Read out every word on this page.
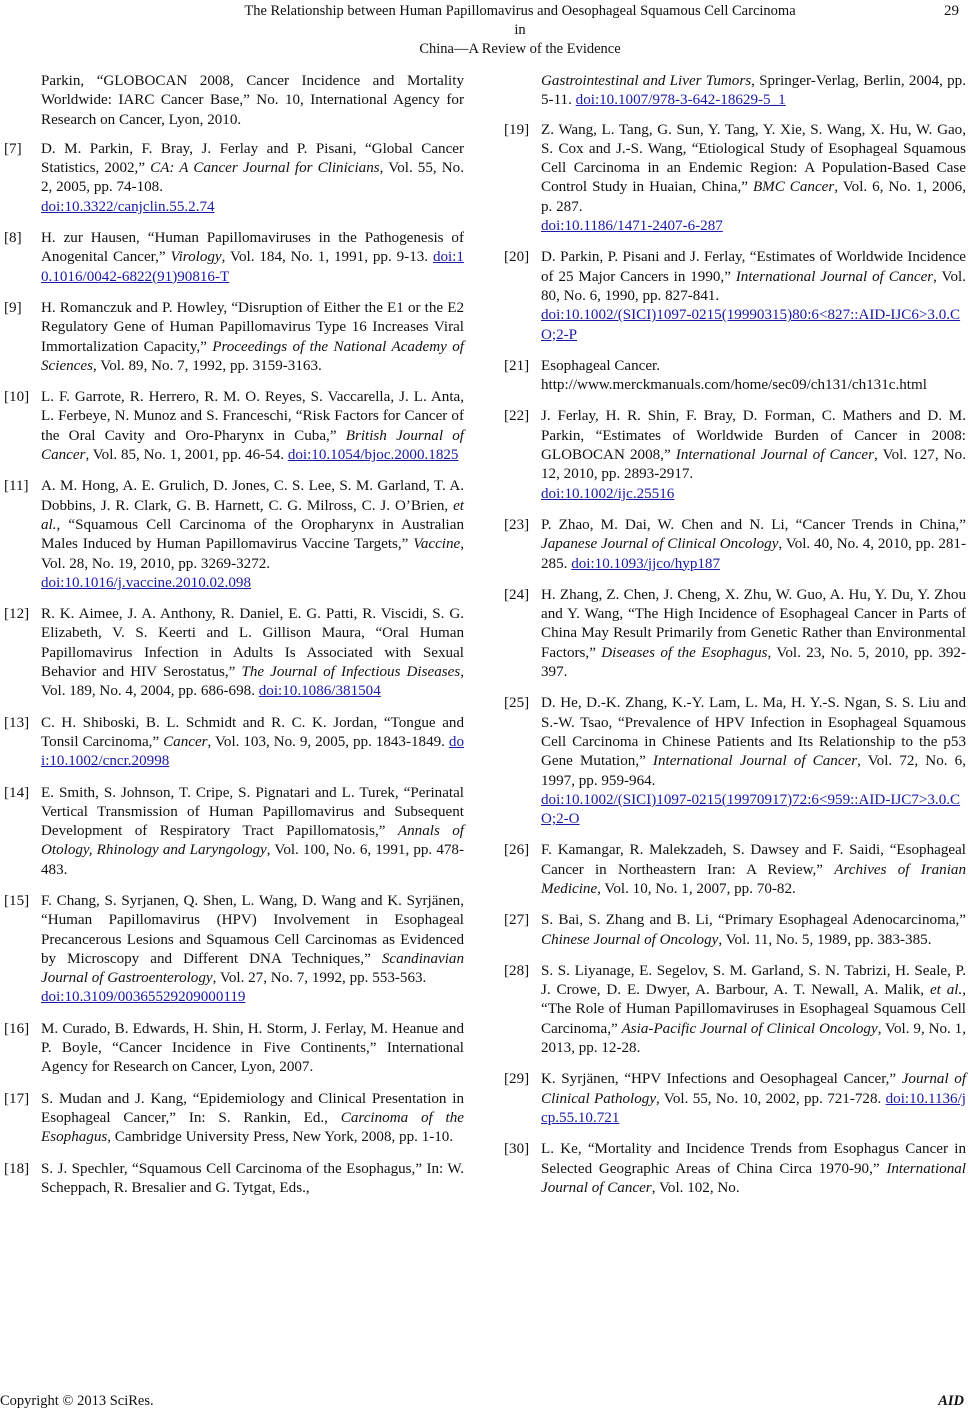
The Relationship between Human Papillomavirus and Oesophageal Squamous Cell Carcinoma in
China—A Review of the Evidence
29
Parkin, “GLOBOCAN 2008, Cancer Incidence and Mortality Worldwide: IARC Cancer Base,” No. 10, International Agency for Research on Cancer, Lyon, 2010.
[7] D. M. Parkin, F. Bray, J. Ferlay and P. Pisani, “Global Cancer Statistics, 2002,” CA: A Cancer Journal for Clinicians, Vol. 55, No. 2, 2005, pp. 74-108.
doi:10.3322/canjclin.55.2.74
[8] H. zur Hausen, “Human Papillomaviruses in the Pathogenesis of Anogenital Cancer,” Virology, Vol. 184, No. 1, 1991, pp. 9-13. doi:10.1016/0042-6822(91)90816-T
[9] H. Romanczuk and P. Howley, “Disruption of Either the E1 or the E2 Regulatory Gene of Human Papillomavirus Type 16 Increases Viral Immortalization Capacity,” Proceedings of the National Academy of Sciences, Vol. 89, No. 7, 1992, pp. 3159-3163.
[10] L. F. Garrote, R. Herrero, R. M. O. Reyes, S. Vaccarella, J. L. Anta, L. Ferbeye, N. Munoz and S. Franceschi, “Risk Factors for Cancer of the Oral Cavity and Oro-Pharynx in Cuba,” British Journal of Cancer, Vol. 85, No. 1, 2001, pp. 46-54. doi:10.1054/bjoc.2000.1825
[11] A. M. Hong, A. E. Grulich, D. Jones, C. S. Lee, S. M. Garland, T. A. Dobbins, J. R. Clark, G. B. Harnett, C. G. Milross, C. J. O’Brien, et al., “Squamous Cell Carcinoma of the Oropharynx in Australian Males Induced by Human Papillomavirus Vaccine Targets,” Vaccine, Vol. 28, No. 19, 2010, pp. 3269-3272.
doi:10.1016/j.vaccine.2010.02.098
[12] R. K. Aimee, J. A. Anthony, R. Daniel, E. G. Patti, R. Viscidi, S. G. Elizabeth, V. S. Keerti and L. Gillison Maura, “Oral Human Papillomavirus Infection in Adults Is Associated with Sexual Behavior and HIV Serostatus,” The Journal of Infectious Diseases, Vol. 189, No. 4, 2004, pp. 686-698. doi:10.1086/381504
[13] C. H. Shiboski, B. L. Schmidt and R. C. K. Jordan, “Tongue and Tonsil Carcinoma,” Cancer, Vol. 103, No. 9, 2005, pp. 1843-1849. doi:10.1002/cncr.20998
[14] E. Smith, S. Johnson, T. Cripe, S. Pignatari and L. Turek, “Perinatal Vertical Transmission of Human Papillomavirus and Subsequent Development of Respiratory Tract Papillomatosis,” Annals of Otology, Rhinology and Laryngology, Vol. 100, No. 6, 1991, pp. 478-483.
[15] F. Chang, S. Syrjanen, Q. Shen, L. Wang, D. Wang and K. Syrjänen, “Human Papillomavirus (HPV) Involvement in Esophageal Precancerous Lesions and Squamous Cell Carcinomas as Evidenced by Microscopy and Different DNA Techniques,” Scandinavian Journal of Gastroenterology, Vol. 27, No. 7, 1992, pp. 553-563.
doi:10.3109/00365529209000119
[16] M. Curado, B. Edwards, H. Shin, H. Storm, J. Ferlay, M. Heanue and P. Boyle, “Cancer Incidence in Five Continents,” International Agency for Research on Cancer, Lyon, 2007.
[17] S. Mudan and J. Kang, “Epidemiology and Clinical Presentation in Esophageal Cancer,” In: S. Rankin, Ed., Carcinoma of the Esophagus, Cambridge University Press, New York, 2008, pp. 1-10.
[18] S. J. Spechler, “Squamous Cell Carcinoma of the Esophagus,” In: W. Scheppach, R. Bresalier and G. Tytgat, Eds.,
Gastrointestinal and Liver Tumors, Springer-Verlag, Berlin, 2004, pp. 5-11. doi:10.1007/978-3-642-18629-5_1
[19] Z. Wang, L. Tang, G. Sun, Y. Tang, Y. Xie, S. Wang, X. Hu, W. Gao, S. Cox and J.-S. Wang, “Etiological Study of Esophageal Squamous Cell Carcinoma in an Endemic Region: A Population-Based Case Control Study in Huaian, China,” BMC Cancer, Vol. 6, No. 1, 2006, p. 287.
doi:10.1186/1471-2407-6-287
[20] D. Parkin, P. Pisani and J. Ferlay, “Estimates of Worldwide Incidence of 25 Major Cancers in 1990,” International Journal of Cancer, Vol. 80, No. 6, 1990, pp. 827-841.
doi:10.1002/(SICI)1097-0215(19990315)80:6<827::AID-IJC6>3.0.CO;2-P
[21] Esophageal Cancer.
http://www.merckmanuals.com/home/sec09/ch131/ch131c.html
[22] J. Ferlay, H. R. Shin, F. Bray, D. Forman, C. Mathers and D. M. Parkin, “Estimates of Worldwide Burden of Cancer in 2008: GLOBOCAN 2008,” International Journal of Cancer, Vol. 127, No. 12, 2010, pp. 2893-2917.
doi:10.1002/ijc.25516
[23] P. Zhao, M. Dai, W. Chen and N. Li, “Cancer Trends in China,” Japanese Journal of Clinical Oncology, Vol. 40, No. 4, 2010, pp. 281-285. doi:10.1093/jjco/hyp187
[24] H. Zhang, Z. Chen, J. Cheng, X. Zhu, W. Guo, A. Hu, Y. Du, Y. Zhou and Y. Wang, “The High Incidence of Esophageal Cancer in Parts of China May Result Primarily from Genetic Rather than Environmental Factors,” Diseases of the Esophagus, Vol. 23, No. 5, 2010, pp. 392-397.
[25] D. He, D.-K. Zhang, K.-Y. Lam, L. Ma, H. Y.-S. Ngan, S. S. Liu and S.-W. Tsao, “Prevalence of HPV Infection in Esophageal Squamous Cell Carcinoma in Chinese Patients and Its Relationship to the p53 Gene Mutation,” International Journal of Cancer, Vol. 72, No. 6, 1997, pp. 959-964.
doi:10.1002/(SICI)1097-0215(19970917)72:6<959::AID-IJC7>3.0.CO;2-O
[26] F. Kamangar, R. Malekzadeh, S. Dawsey and F. Saidi, “Esophageal Cancer in Northeastern Iran: A Review,” Archives of Iranian Medicine, Vol. 10, No. 1, 2007, pp. 70-82.
[27] S. Bai, S. Zhang and B. Li, “Primary Esophageal Adenocarcinoma,” Chinese Journal of Oncology, Vol. 11, No. 5, 1989, pp. 383-385.
[28] S. S. Liyanage, E. Segelov, S. M. Garland, S. N. Tabrizi, H. Seale, P. J. Crowe, D. E. Dwyer, A. Barbour, A. T. Newall, A. Malik, et al., “The Role of Human Papillomaviruses in Esophageal Squamous Cell Carcinoma,” Asia-Pacific Journal of Clinical Oncology, Vol. 9, No. 1, 2013, pp. 12-28.
[29] K. Syrjänen, “HPV Infections and Oesophageal Cancer,” Journal of Clinical Pathology, Vol. 55, No. 10, 2002, pp. 721-728. doi:10.1136/jcp.55.10.721
[30] L. Ke, “Mortality and Incidence Trends from Esophagus Cancer in Selected Geographic Areas of China Circa 1970-90,” International Journal of Cancer, Vol. 102, No.
Copyright © 2013 SciRes.	AID
